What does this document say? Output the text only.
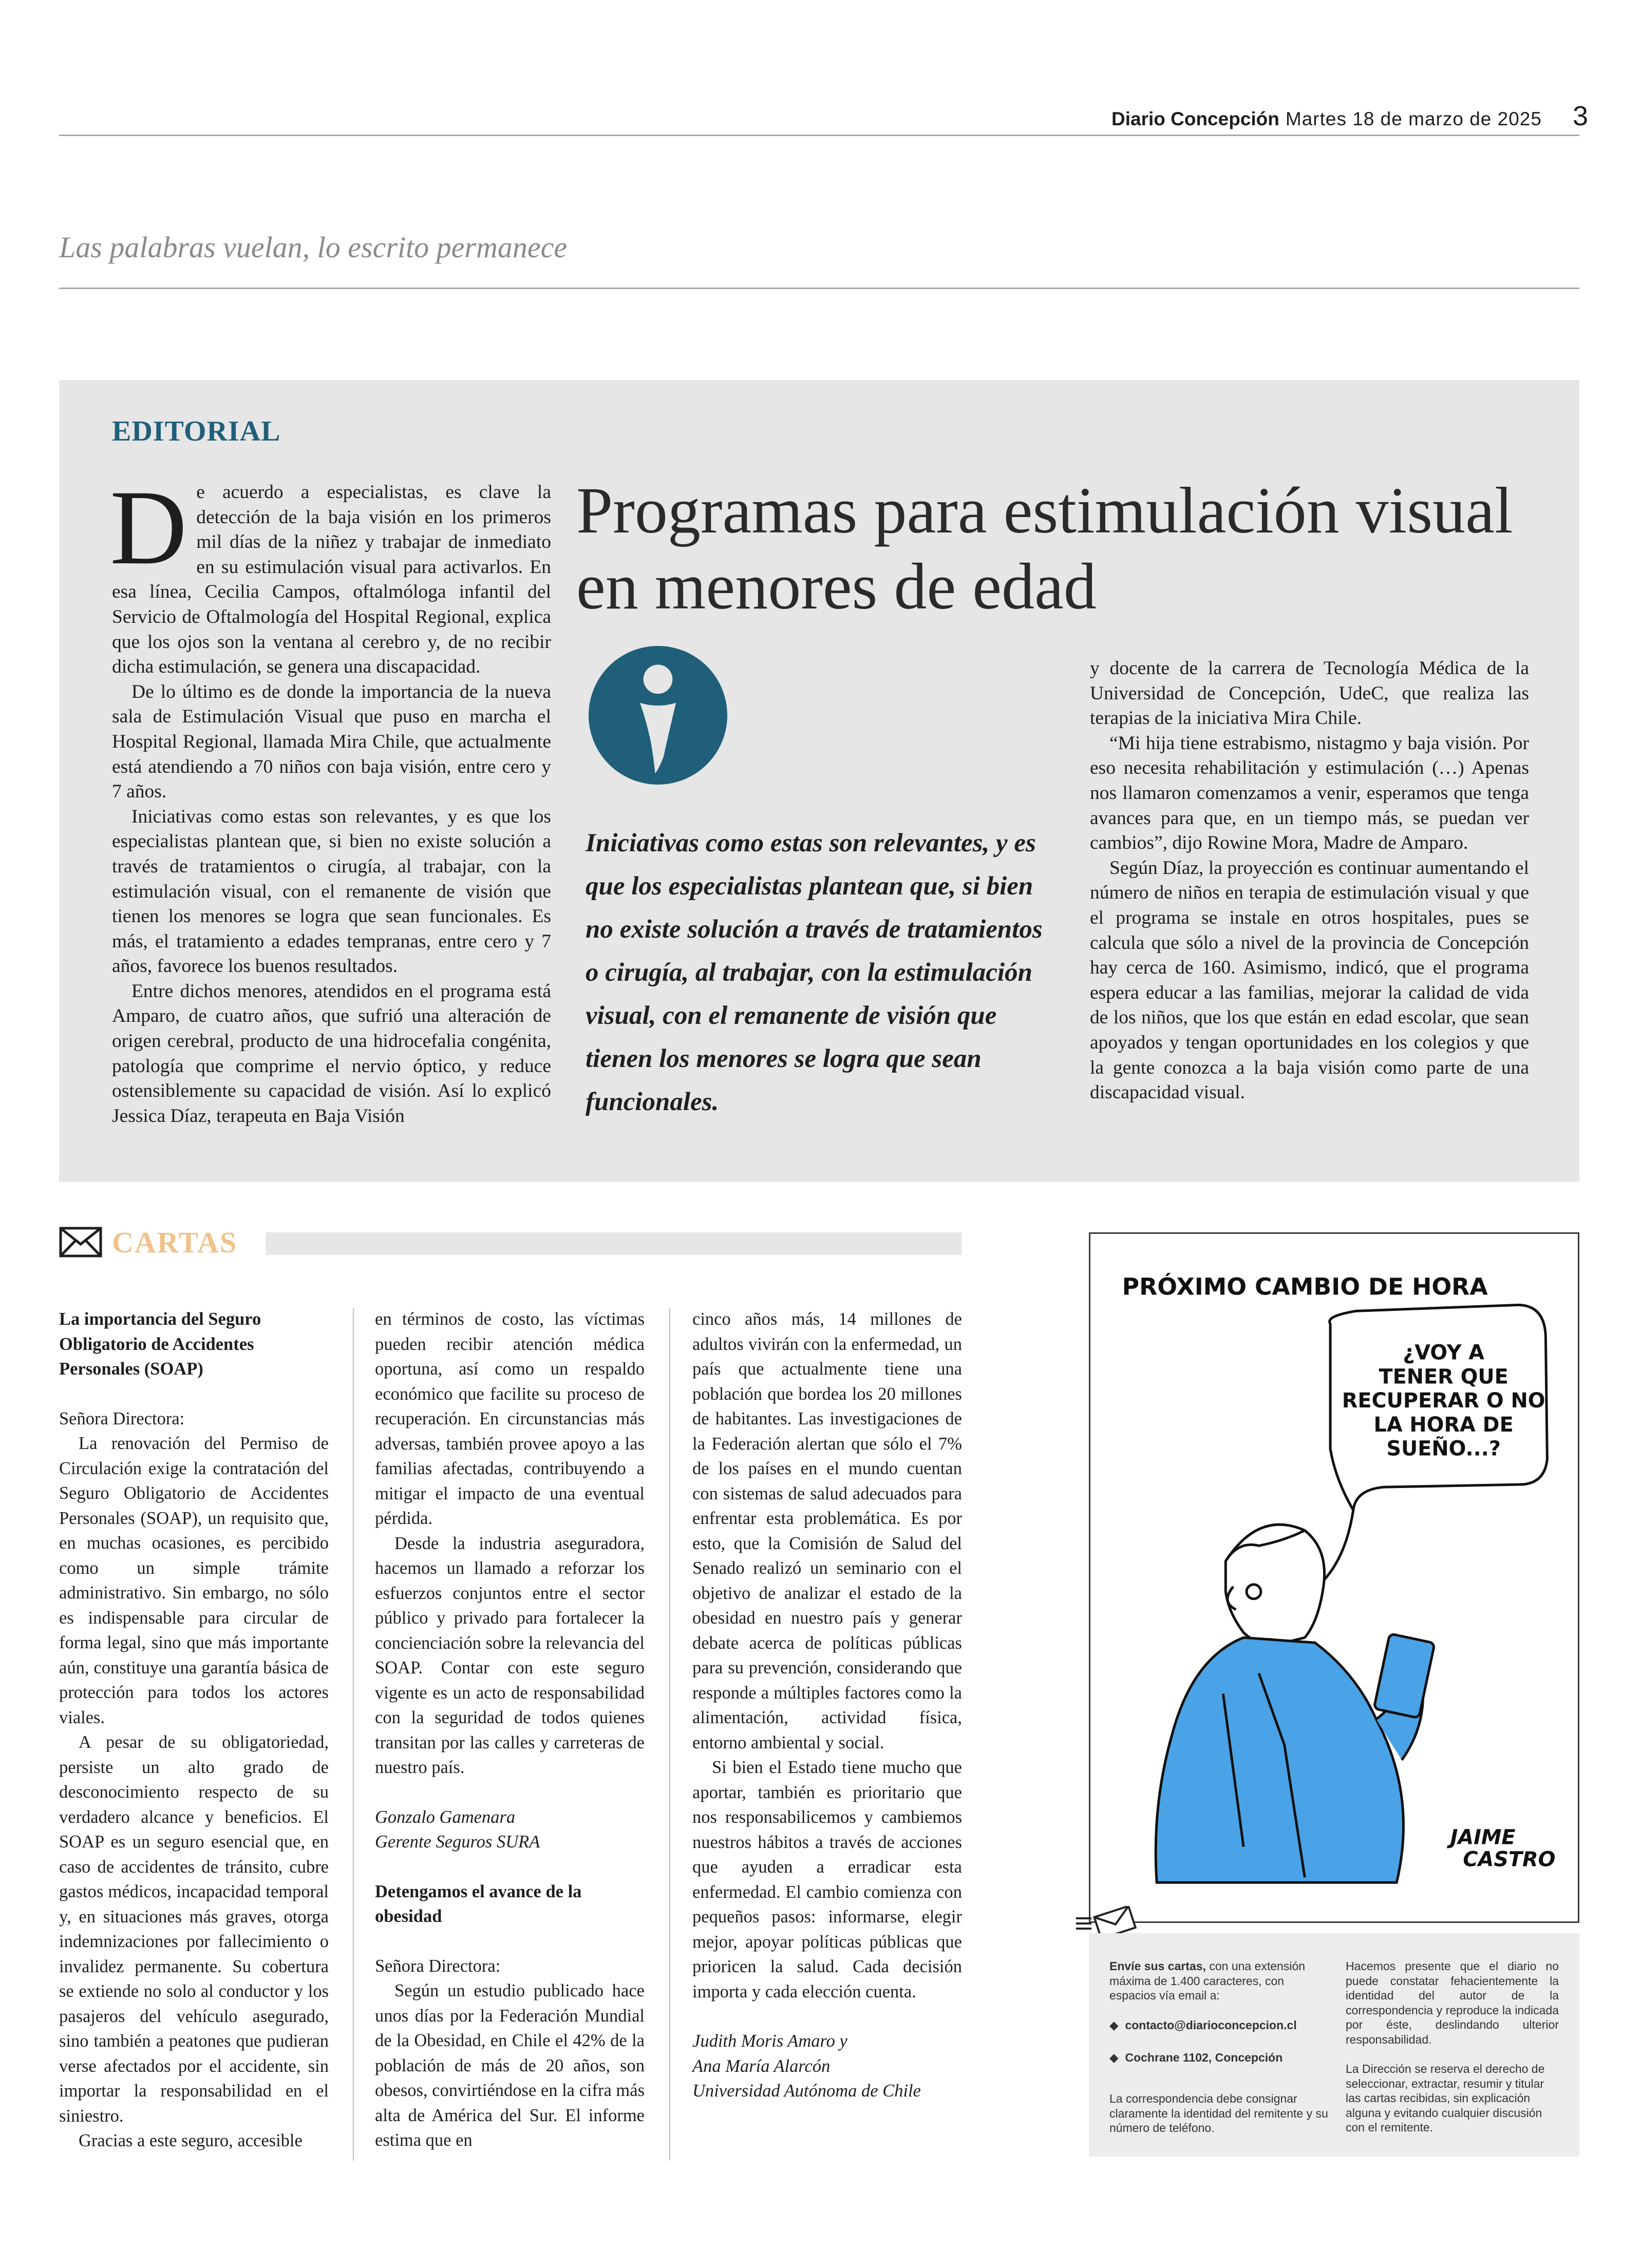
Diario Concepción Martes 18 de marzo de 2025 3
Las palabras vuelan, lo escrito permanece
EDITORIAL

De acuerdo a especialistas, es clave la detección de la baja visión en los primeros mil días de la niñez y trabajar de inmediato en su estimulación visual para activarlos. En esa línea, Cecilia Campos, oftalmóloga infantil del Servicio de Oftalmología del Hospital Regional, explica que los ojos son la ventana al cerebro y, de no recibir dicha estimulación, se genera una discapacidad.

De lo último es de donde la importancia de la nueva sala de Estimulación Visual que puso en marcha el Hospital Regional, llamada Mira Chile, que actualmente está atendiendo a 70 niños con baja visión, entre cero y 7 años.

Iniciativas como estas son relevantes, y es que los especialistas plantean que, si bien no existe solución a través de tratamientos o cirugía, al trabajar, con la estimulación visual, con el remanente de visión que tienen los menores se logra que sean funcionales. Es más, el tratamiento a edades tempranas, entre cero y 7 años, favorece los buenos resultados.

Entre dichos menores, atendidos en el programa está Amparo, de cuatro años, que sufrió una alteración de origen cerebral, producto de una hidrocefalia congénita, patología que comprime el nervio óptico, y reduce ostensiblemente su capacidad de visión. Así lo explicó Jessica Díaz, terapeuta en Baja Visión

Programas para estimulación visual en menores de edad
Iniciativas como estas son relevantes, y es que los especialistas plantean que, si bien no existe solución a través de tratamientos o cirugía, al trabajar, con la estimulación visual, con el remanente de visión que tienen los menores se logra que sean funcionales.

y docente de la carrera de Tecnología Médica de la Universidad de Concepción, UdeC, que realiza las terapias de la iniciativa Mira Chile.

“Mi hija tiene estrabismo, nistagmo y baja visión. Por eso necesita rehabilitación y estimulación (…) Apenas nos llamaron comenzamos a venir, esperamos que tenga avances para que, en un tiempo más, se puedan ver cambios”, dijo Rowine Mora, Madre de Amparo.

Según Díaz, la proyección es continuar aumentando el número de niños en terapia de estimulación visual y que el programa se instale en otros hospitales, pues se calcula que sólo a nivel de la provincia de Concepción hay cerca de 160. Asimismo, indicó, que el programa espera educar a las familias, mejorar la calidad de vida de los niños, que los que están en edad escolar, que sean apoyados y tengan oportunidades en los colegios y que la gente conozca a la baja visión como parte de una discapacidad visual.

CARTAS

La importancia del Seguro Obligatorio de Accidentes Personales (SOAP)

Señora Directora:

La renovación del Permiso de Circulación exige la contratación del Seguro Obligatorio de Accidentes Personales (SOAP), un requisito que, en muchas ocasiones, es percibido como un simple trámite administrativo. Sin embargo, no sólo es indispensable para circular de forma legal, sino que más importante aún, constituye una garantía básica de protección para todos los actores viales.

A pesar de su obligatoriedad, persiste un alto grado de desconocimiento respecto de su verdadero alcance y beneficios. El SOAP es un seguro esencial que, en caso de accidentes de tránsito, cubre gastos médicos, incapacidad temporal y, en situaciones más graves, otorga indemnizaciones por fallecimiento o invalidez permanente. Su cobertura se extiende no solo al conductor y los pasajeros del vehículo asegurado, sino también a peatones que pudieran verse afectados por el accidente, sin importar la responsabilidad en el siniestro.

Gracias a este seguro, accesible

en términos de costo, las víctimas pueden recibir atención médica oportuna, así como un respaldo económico que facilite su proceso de recuperación. En circunstancias más adversas, también provee apoyo a las familias afectadas, contribuyendo a mitigar el impacto de una eventual pérdida.

Desde la industria aseguradora, hacemos un llamado a reforzar los esfuerzos conjuntos entre el sector público y privado para fortalecer la concienciación sobre la relevancia del SOAP. Contar con este seguro vigente es un acto de responsabilidad con la seguridad de todos quienes transitan por las calles y carreteras de nuestro país.

Gonzalo Gamenara

Gerente Seguros SURA

Detengamos el avance de la obesidad

Señora Directora:

Según un estudio publicado hace unos días por la Federación Mundial de la Obesidad, en Chile el 42% de la población de más de 20 años, son obesos, convirtiéndose en la cifra más alta de América del Sur. El informe estima que en

cinco años más, 14 millones de adultos vivirán con la enfermedad, un país que actualmente tiene una población que bordea los 20 millones de habitantes. Las investigaciones de la Federación alertan que sólo el 7% de los países en el mundo cuentan con sistemas de salud adecuados para enfrentar esta problemática. Es por esto, que la Comisión de Salud del Senado realizó un seminario con el objetivo de analizar el estado de la obesidad en nuestro país y generar debate acerca de políticas públicas para su prevención, considerando que responde a múltiples factores como la alimentación, actividad física, entorno ambiental y social.

Si bien el Estado tiene mucho que aportar, también es prioritario que nos responsabilicemos y cambiemos nuestros hábitos a través de acciones que ayuden a erradicar esta enfermedad. El cambio comienza con pequeños pasos: informarse, elegir mejor, apoyar políticas públicas que prioricen la salud. Cada decisión importa y cada elección cuenta.

Judith Moris Amaro y

Ana María Alarcón

Universidad Autónoma de Chile

PRÓXIMO CAMBIO DE HORA
¿VOY A
TENER QUE
RECUPERAR O NO
LA HORA DE
SUEÑO...?
JAIME
CASTRO
Envíe sus cartas, con una extensión máxima de 1.400 caracteres, con espacios vía email a:
◆  contacto@diarioconcepcion.cl
◆  Cochrane 1102, Concepción
La correspondencia debe consignar claramente la identidad del remitente y su número de teléfono.
Hacemos presente que el diario no puede constatar fehacientemente la identidad del autor de la correspondencia y reproduce la indicada por éste, deslindando ulterior responsabilidad.
La Dirección se reserva el derecho de seleccionar, extractar, resumir y titular las cartas recibidas, sin explicación alguna y evitando cualquier discusión con el remitente.
